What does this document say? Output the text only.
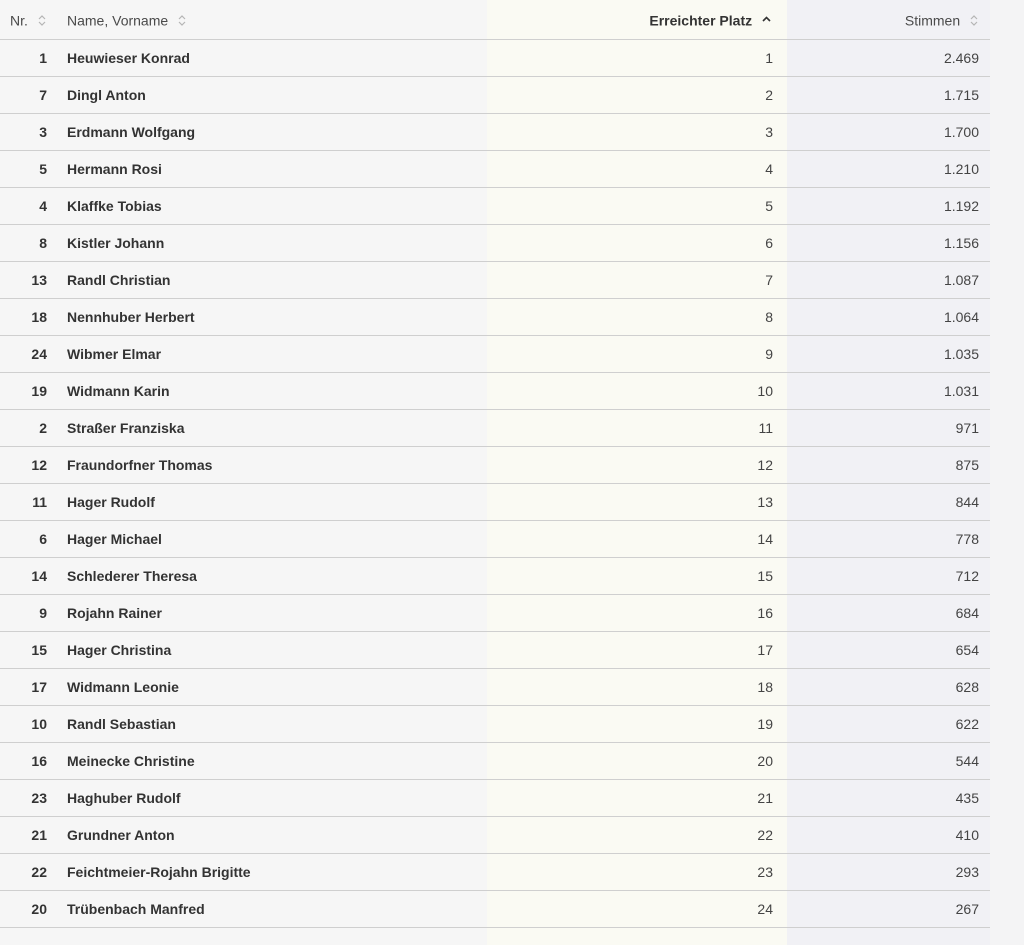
Nr.	Name, Vorname	Erreichter Platz	Stimmen
1	Heuwieser Konrad	1	2.469
7	Dingl Anton	2	1.715
3	Erdmann Wolfgang	3	1.700
5	Hermann Rosi	4	1.210
4	Klaffke Tobias	5	1.192
8	Kistler Johann	6	1.156
13	Randl Christian	7	1.087
18	Nennhuber Herbert	8	1.064
24	Wibmer Elmar	9	1.035
19	Widmann Karin	10	1.031
2	Straßer Franziska	11	971
12	Fraundorfner Thomas	12	875
11	Hager Rudolf	13	844
6	Hager Michael	14	778
14	Schlederer Theresa	15	712
9	Rojahn Rainer	16	684
15	Hager Christina	17	654
17	Widmann Leonie	18	628
10	Randl Sebastian	19	622
16	Meinecke Christine	20	544
23	Haghuber Rudolf	21	435
21	Grundner Anton	22	410
22	Feichtmeier-Rojahn Brigitte	23	293
20	Trübenbach Manfred	24	267
